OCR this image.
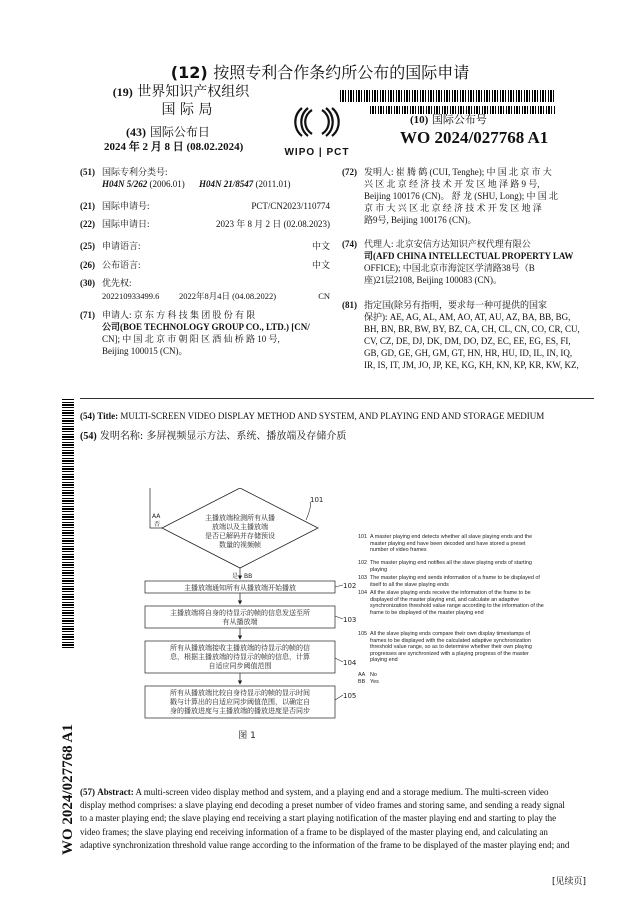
(12) 按照专利合作条约所公布的国际申请
(19) 世界知识产权组织
国 际 局
WIPO | PCT
(43) 国际公布日
2024 年 2 月 8 日 (08.02.2024)
(10) 国际公布号
WO 2024/027768 A1
(51) 国际专利分类号:
H04N 5/262 (2006.01) H04N 21/8547 (2011.01)
(21) 国际申请号:	PCT/CN2023/110774
(22) 国际申请日:	2023 年 8 月 2 日 (02.08.2023)
(25) 申请语言:	中文
(26) 公布语言:	中文
(30) 优先权:
202210933499.6 2022年8月4日 (04.08.2022)	CN
(71) 申请人: 京 东 方 科 技 集 团 股 份 有 限
公司(BOE TECHNOLOGY GROUP CO., LTD.) [CN/
CN]; 中 国 北 京 市 朝 阳 区 酒 仙 桥 路 10 号,
Beijing 100015 (CN)。
(72) 发明人: 崔 腾 鹤 (CUI, Tenghe); 中 国 北 京 市 大
兴 区 北 京 经 济 技 术 开 发 区 地 泽 路 9 号,
Beijing 100176 (CN)。 舒 龙 (SHU, Long); 中 国 北
京 市 大 兴 区 北 京 经 济 技 术 开 发 区 地 泽
路9号, Beijing 100176 (CN)。
(74) 代理人: 北京安信方达知识产权代理有限公
司(AFD CHINA INTELLECTUAL PROPERTY LAW
OFFICE); 中国北京市海淀区学清路38号（B
座)21层2108, Beijing 100083 (CN)。
(81) 指定国(除另有指明，要求每一种可提供的国家
保护): AE, AG, AL, AM, AO, AT, AU, AZ, BA, BB, BG,
BH, BN, BR, BW, BY, BZ, CA, CH, CL, CN, CO, CR, CU,
CV, CZ, DE, DJ, DK, DM, DO, DZ, EC, EE, EG, ES, FI,
GB, GD, GE, GH, GM, GT, HN, HR, HU, ID, IL, IN, IQ,
IR, IS, IT, JM, JO, JP, KE, KG, KH, KN, KP, KR, KW, KZ,
(54) Title: MULTI-SCREEN VIDEO DISPLAY METHOD AND SYSTEM, AND PLAYING END AND STORAGE MEDIUM
(54) 发明名称: 多屏视频显示方法、系统、播放端及存储介质
主播放端检测所有从播
放端以及主播放端
是否已解码并存储预设
数量的视频帧
101
AA
否
是 BB
主播放端通知所有从播放端开始播放	102
主播放端将自身的待显示的帧的信息发送至所
有从播放端	103
所有从播放端接收主播放端的待显示的帧的信
息，根据主播放端的待显示的帧的信息，计算
自适应同步阈值范围	104
所有从播放端比较自身待显示的帧的显示时间
戳与计算出的自适应同步阈值范围，以确定自
身的播放进度与主播放端的播放进度是否同步
105
图 1
101 A master playing end detects whether all slave playing ends and the master playing end have been decoded and have stored a preset number of video frames
102 The master playing end notifies all the slave playing ends of starting playing
103 The master playing end sends information of a frame to be displayed of itself to all the slave playing ends
104 All the slave playing ends receive the information of the frame to be displayed of the master playing end, and calculate an adaptive synchronization threshold value range according to the information of the frame to be displayed of the master playing end
105 All the slave playing ends compare their own display timestamps of frames to be displayed with the calculated adaptive synchronization threshold value range, so as to determine whether their own playing progresses are synchronized with a playing progress of the master playing end
AA No
BB Yes
(57) Abstract: A multi-screen video display method and system, and a playing end and a storage medium. The multi-screen video
display method comprises: a slave playing end decoding a preset number of video frames and storing same, and sending a ready signal
to a master playing end; the slave playing end receiving a start playing notification of the master playing end and starting to play the
video frames; the slave playing end receiving information of a frame to be displayed of the master playing end, and calculating an
adaptive synchronization threshold value range according to the information of the frame to be displayed of the master playing end; and
WO 2024/027768 A1
[见续页]
